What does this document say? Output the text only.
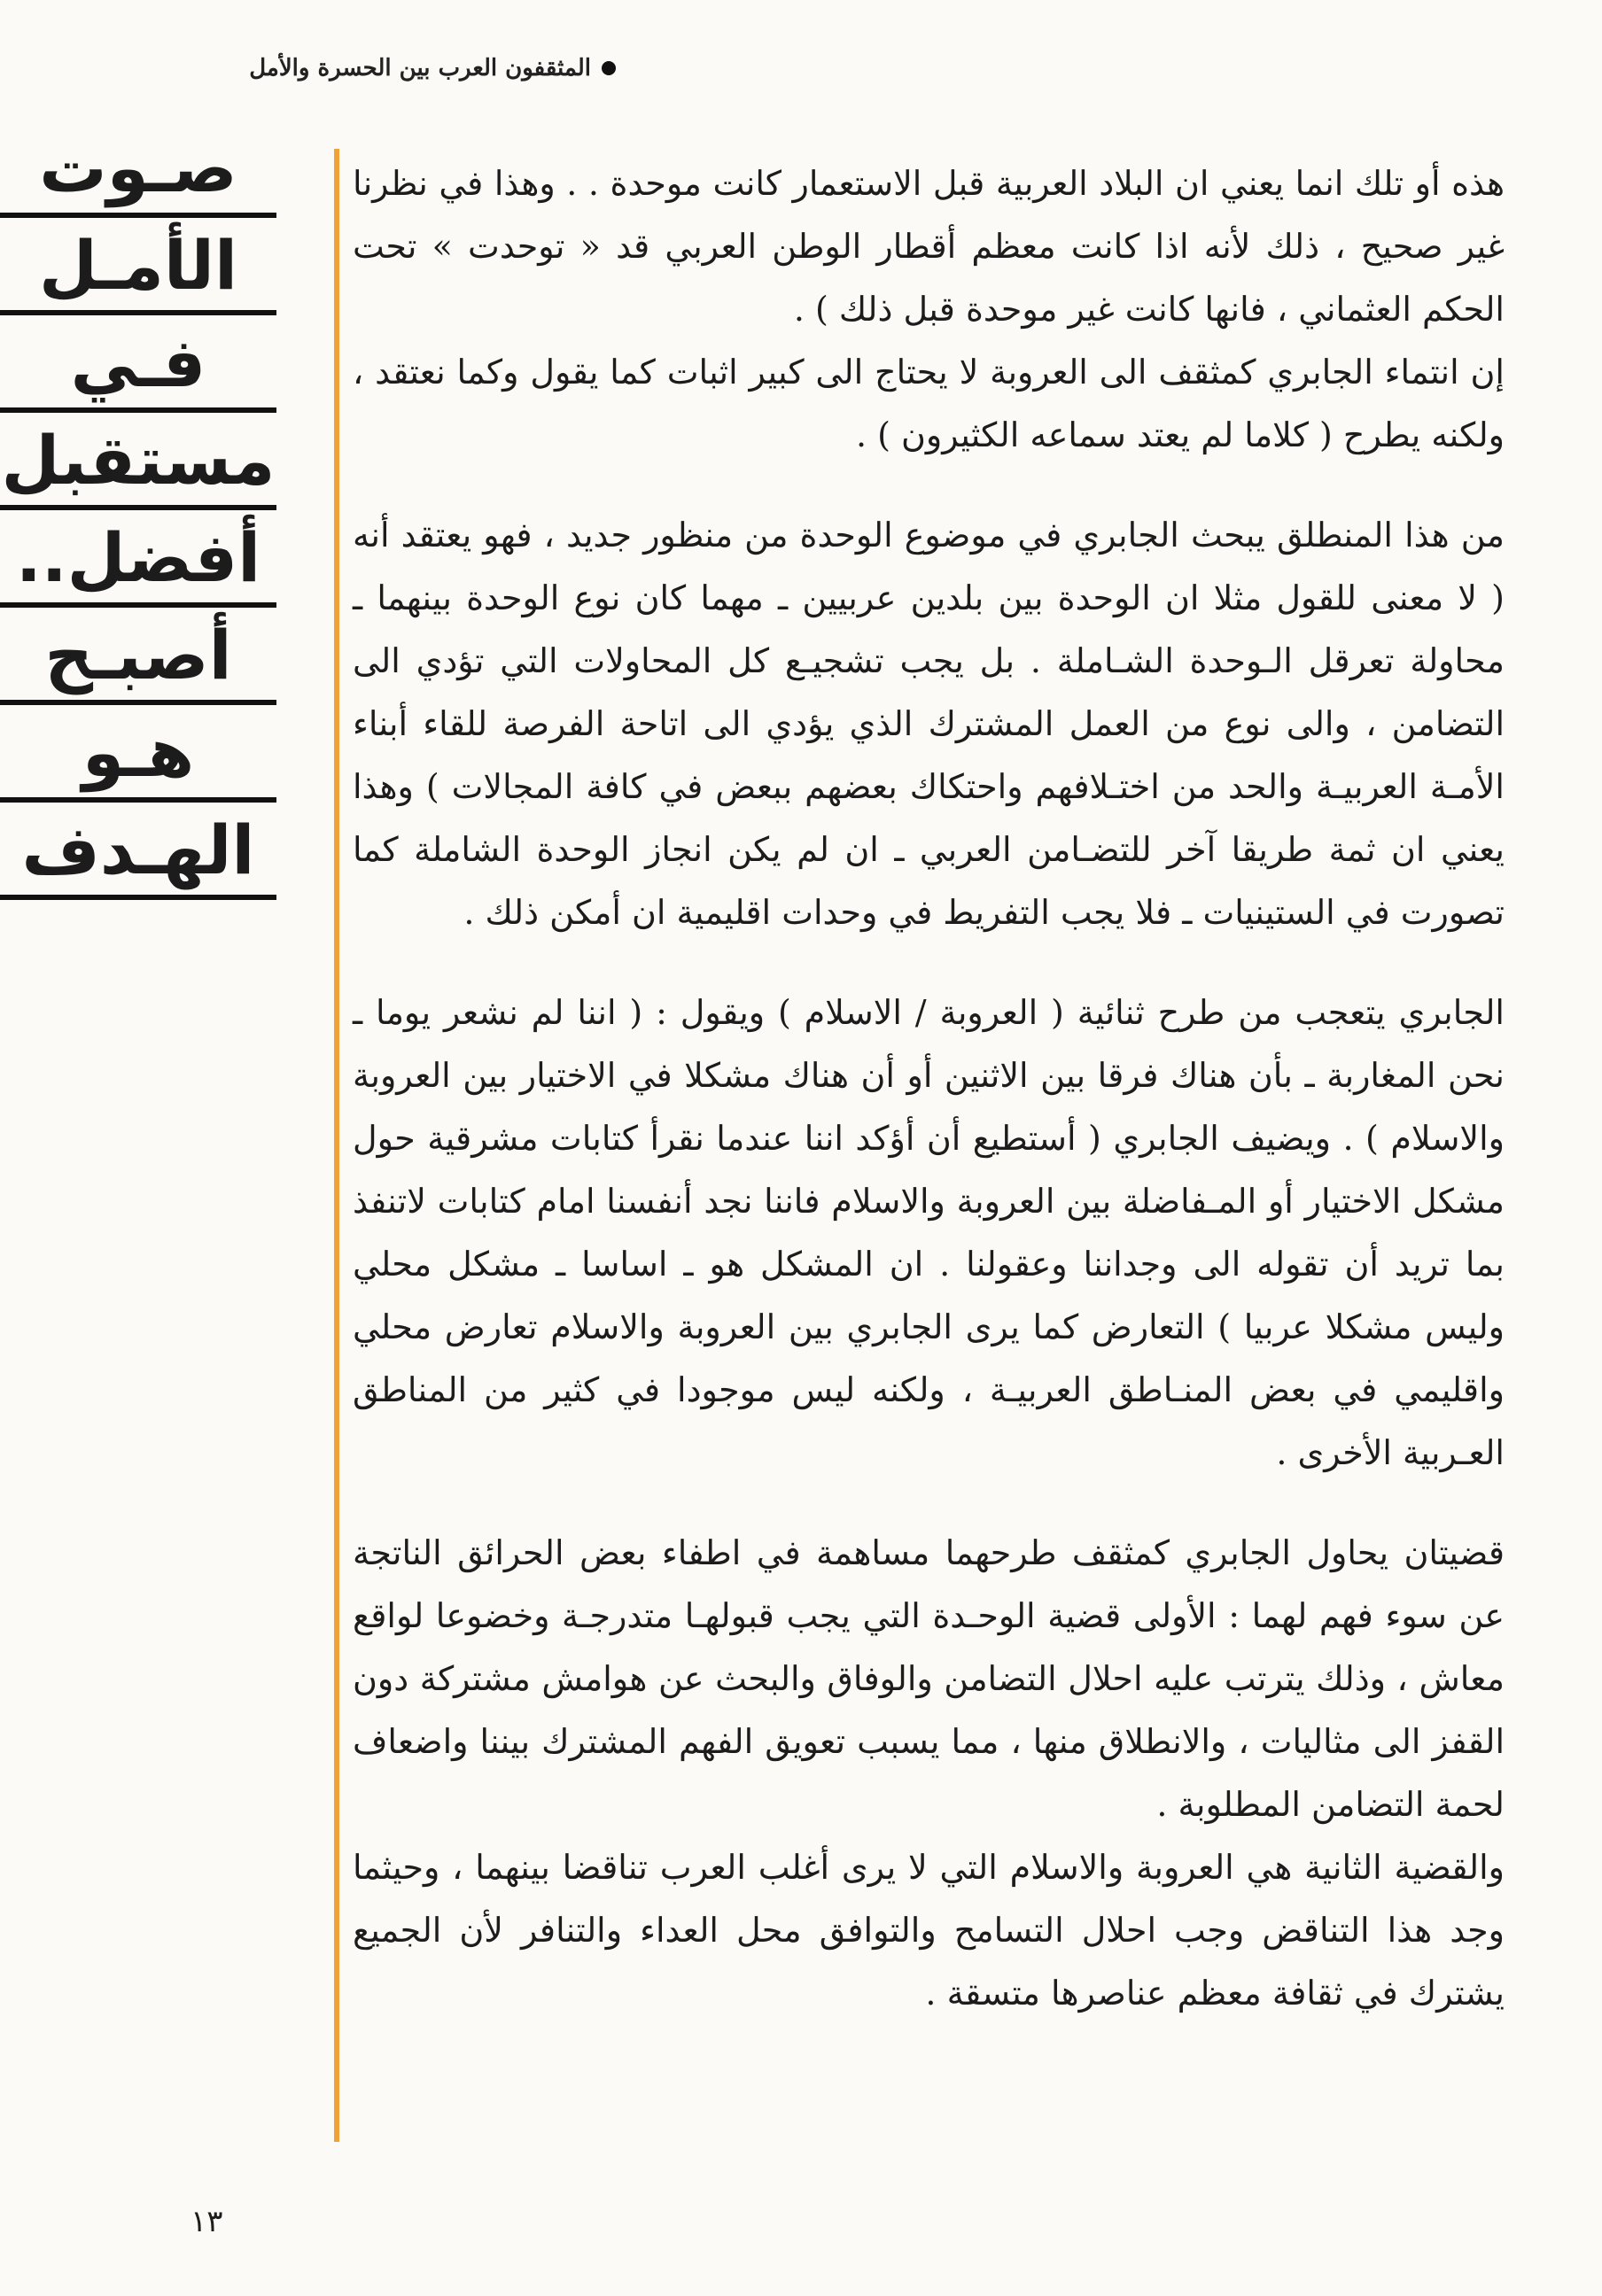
المثقفون العرب بين الحسرة والأمل
صـوت
الأمـل
فـي
مستقبل
أفضل..
أصبـح
هـو
الهـدف

هذه أو تلك انما يعني ان البلاد العربية قبل الاستعمار كانت موحدة . . وهذا في نظرنا غير صحيح ، ذلك لأنه اذا كانت معظم أقطار الوطن العربي قد « توحدت » تحت الحكم العثماني ، فانها كانت غير موحدة قبل ذلك ) .

إن انتماء الجابري كمثقف الى العروبة لا يحتاج الى كبير اثبات كما يقول وكما نعتقد ، ولكنه يطرح ( كلاما لم يعتد سماعه الكثيرون ) .

من هذا المنطلق يبحث الجابري في موضوع الوحدة من منظور جديد ، فهو يعتقد أنه ( لا معنى للقول مثلا ان الوحدة بين بلدين عربيين ـ مهما كان نوع الوحدة بينهما ـ محاولة تعرقل الـوحدة الشـاملة . بل يجب تشجيـع كل المحاولات التي تؤدي الى التضامن ، والى نوع من العمل المشترك الذي يؤدي الى اتاحة الفرصة للقاء أبناء الأمـة العربيـة والحد من اختـلافهم واحتكاك بعضهم ببعض في كافة المجالات ) وهذا يعني ان ثمة طريقا آخر للتضـامن العربي ـ ان لم يكن انجاز الوحدة الشاملة كما تصورت في الستينيات ـ فلا يجب التفريط في وحدات اقليمية ان أمكن ذلك .

الجابري يتعجب من طرح ثنائية ( العروبة / الاسلام ) ويقول : ( اننا لم نشعر يوما ـ نحن المغاربة ـ بأن هناك فرقا بين الاثنين أو أن هناك مشكلا في الاختيار بين العروبة والاسلام ) . ويضيف الجابري ( أستطيع أن أؤكد اننا عندما نقرأ كتابات مشرقية حول مشكل الاختيار أو المـفاضلة بين العروبة والاسلام فاننا نجد أنفسنا امام كتابات لاتنفذ بما تريد أن تقوله الى وجداننا وعقولنا . ان المشكل هو ـ اساسا ـ مشكل محلي وليس مشكلا عربيا ) التعارض كما يرى الجابري بين العروبة والاسلام تعارض محلي واقليمي في بعض المنـاطق العربيـة ، ولكنه ليس موجودا في كثير من المناطق العـربية الأخرى .

قضيتان يحاول الجابري كمثقف طرحهما مساهمة في اطفاء بعض الحرائق الناتجة عن سوء فهم لهما : الأولى قضية الوحـدة التي يجب قبولهـا متدرجـة وخضوعا لواقع معاش ، وذلك يترتب عليه احلال التضامن والوفاق والبحث عن هوامش مشتركة دون القفز الى مثاليات ، والانطلاق منها ، مما يسبب تعويق الفهم المشترك بيننا واضعاف لحمة التضامن المطلوبة .

والقضية الثانية هي العروبة والاسلام التي لا يرى أغلب العرب تناقضا بينهما ، وحيثما وجد هذا التناقض وجب احلال التسامح والتوافق محل العداء والتنافر لأن الجميع يشترك في ثقافة معظم عناصرها متسقة .

١٣
